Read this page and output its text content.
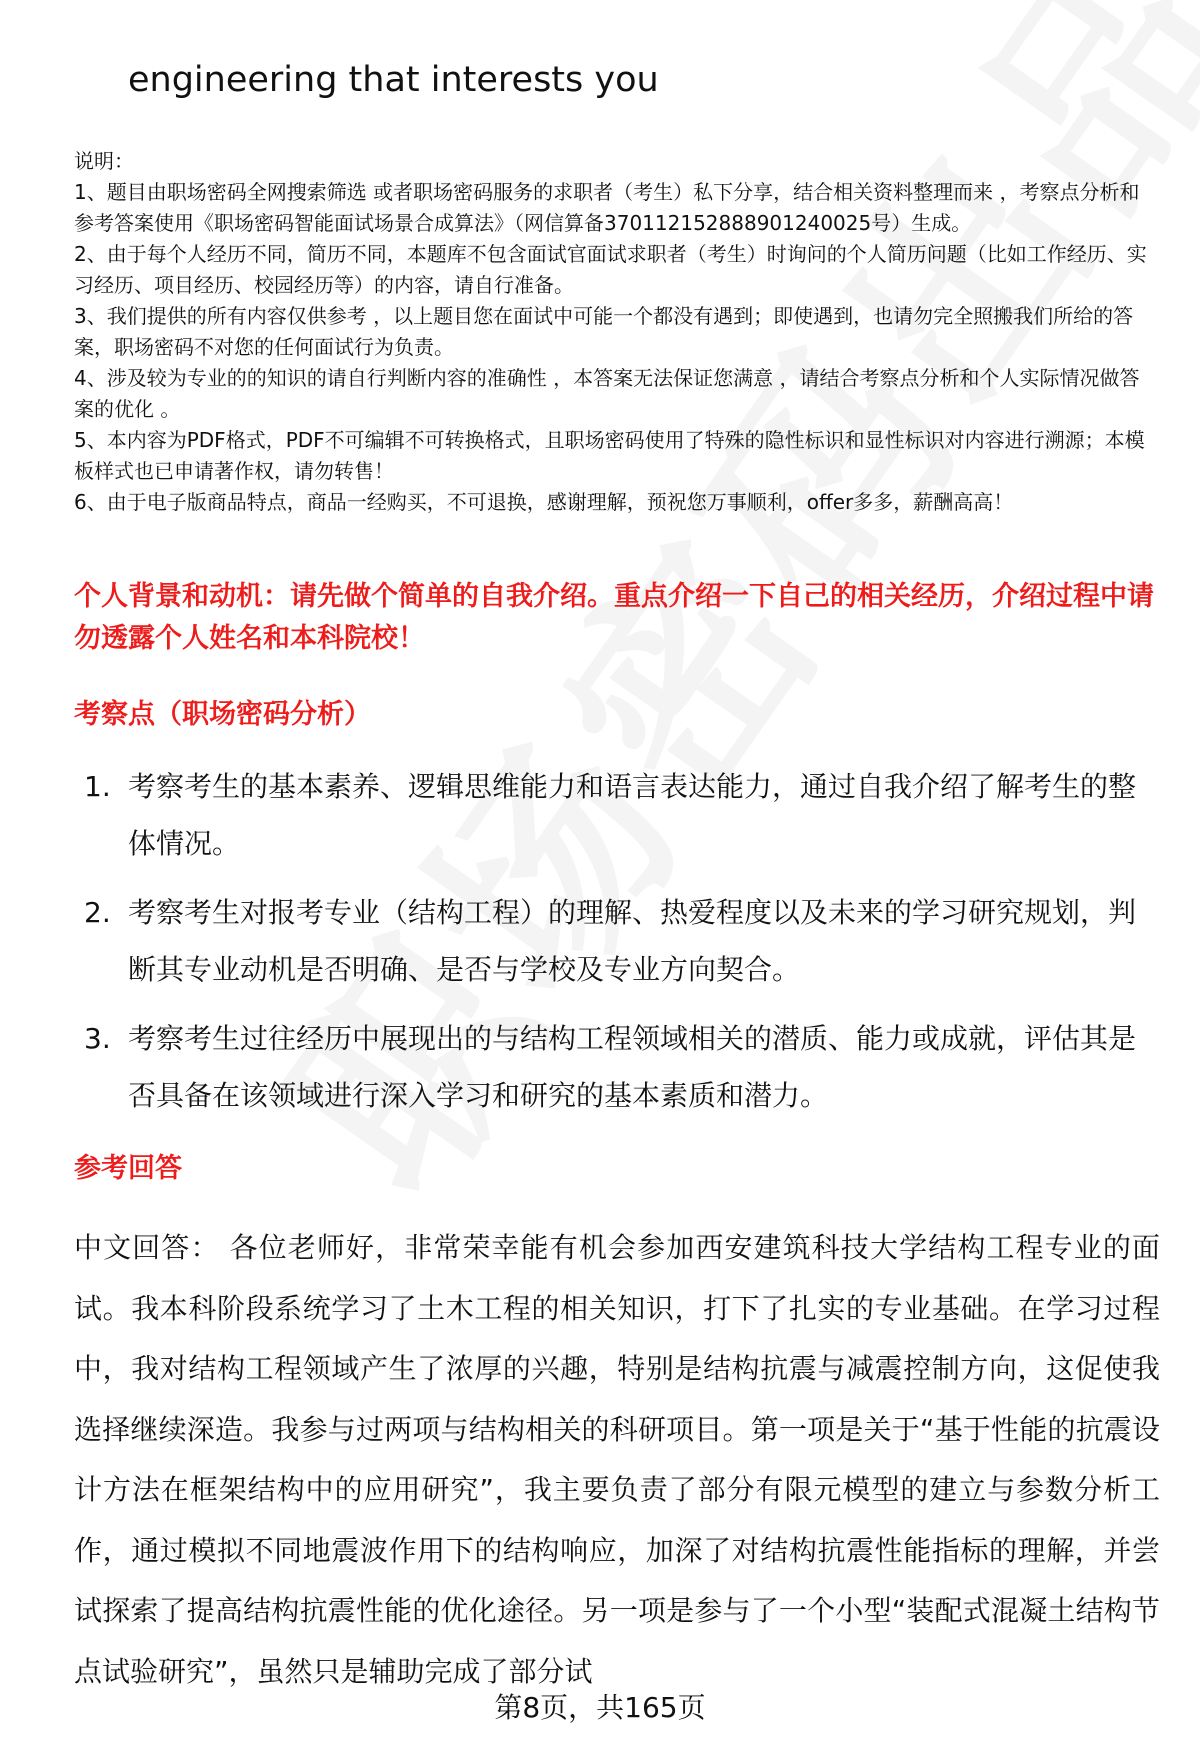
engineering that interests you
说明：
1、题目由职场密码全网搜索筛选 或者职场密码服务的求职者（考生）私下分享，结合相关资料整理而来 ，考察点分析和参考答案使用《职场密码智能面试场景合成算法》（网信算备370112152888901240025号）生成。
2、由于每个人经历不同，简历不同，本题库不包含面试官面试求职者（考生）时询问的个人简历问题（比如工作经历、实习经历、项目经历、校园经历等）的内容，请自行准备。
3、我们提供的所有内容仅供参考 ，以上题目您在面试中可能一个都没有遇到；即使遇到，也请勿完全照搬我们所给的答案，职场密码不对您的任何面试行为负责。
4、涉及较为专业的的知识的请自行判断内容的准确性 ，本答案无法保证您满意 ，请结合考察点分析和个人实际情况做答案的优化 。
5、本内容为PDF格式，PDF不可编辑不可转换格式，且职场密码使用了特殊的隐性标识和显性标识对内容进行溯源；本模板样式也已申请著作权，请勿转售！
6、由于电子版商品特点，商品一经购买，不可退换，感谢理解，预祝您万事顺利，offer多多，薪酬高高！
个人背景和动机：请先做个简单的自我介绍。重点介绍一下自己的相关经历，介绍过程中请勿透露个人姓名和本科院校！
考察点（职场密码分析）
1. 考察考生的基本素养、逻辑思维能力和语言表达能力，通过自我介绍了解考生的整体情况。
2. 考察考生对报考专业（结构工程）的理解、热爱程度以及未来的学习研究规划，判断其专业动机是否明确、是否与学校及专业方向契合。
3. 考察考生过往经历中展现出的与结构工程领域相关的潜质、能力或成就，评估其是否具备在该领域进行深入学习和研究的基本素质和潜力。
参考回答
中文回答： 各位老师好，非常荣幸能有机会参加西安建筑科技大学结构工程专业的面试。我本科阶段系统学习了土木工程的相关知识，打下了扎实的专业基础。在学习过程中，我对结构工程领域产生了浓厚的兴趣，特别是结构抗震与减震控制方向，这促使我选择继续深造。我参与过两项与结构相关的科研项目。第一项是关于“基于性能的抗震设计方法在框架结构中的应用研究”，我主要负责了部分有限元模型的建立与参数分析工作，通过模拟不同地震波作用下的结构响应，加深了对结构抗震性能指标的理解，并尝试探索了提高结构抗震性能的优化途径。另一项是参与了一个小型“装配式混凝土结构节点试验研究”，虽然只是辅助完成了部分试
第8页，共165页
